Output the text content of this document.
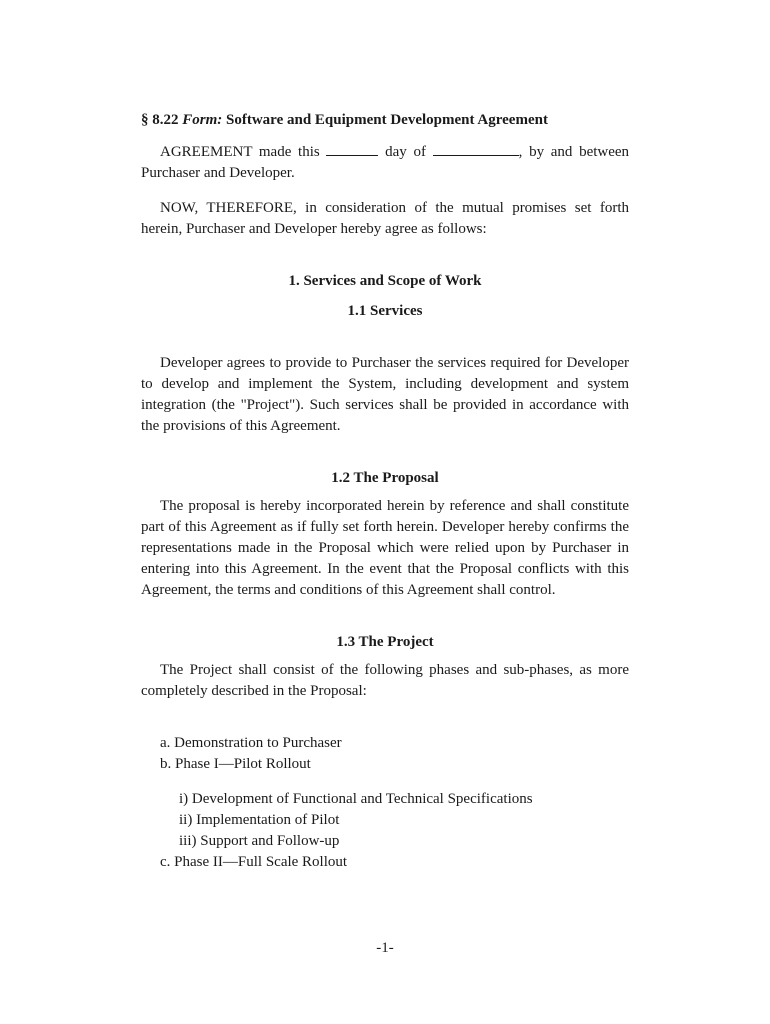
§ 8.22 Form: Software and Equipment Development Agreement

AGREEMENT made this	day of	, by and between Purchaser and Developer.

NOW, THEREFORE, in consideration of the mutual promises set forth herein, Purchaser and Developer hereby agree as follows:

1. Services and Scope of Work
1.1 Services

Developer agrees to provide to Purchaser the services required for Developer to develop and implement the System, including development and system integration (the "Project"). Such services shall be provided in accordance with the provisions of this Agreement.

1.2 The Proposal

The proposal is hereby incorporated herein by reference and shall constitute part of this Agreement as if fully set forth herein. Developer hereby confirms the representations made in the Proposal which were relied upon by Purchaser in entering into this Agreement. In the event that the Proposal conflicts with this Agreement, the terms and conditions of this Agreement shall control.

1.3 The Project

The Project shall consist of the following phases and sub-phases, as more completely described in the Proposal:

a. Demonstration to Purchaser
b. Phase I—Pilot Rollout
i) Development of Functional and Technical Specifications
ii) Implementation of Pilot
iii) Support and Follow-up
c. Phase II—Full Scale Rollout
-1-
